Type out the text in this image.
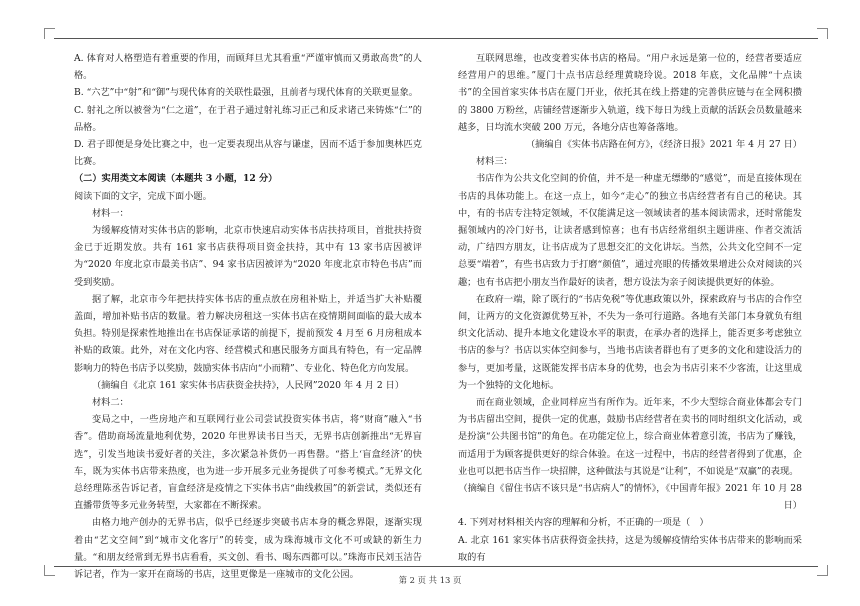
A. 体育对人格塑造有着重要的作用，而顾拜旦尤其看重“严谨审慎而又勇敢高贵”的人格。

B. “六艺”中“射”和“御”与现代体育的关联性最强，且前者与现代体育的关联更显象。

C. 射礼之所以被誉为“仁之道”，在于君子通过射礼练习正己和反求诸己来铸炼“仁”的品格。

D. 君子即便是身处比赛之中，也一定要表现出从容与谦虚，因而不适于参加奥林匹克比赛。

（二）实用类文本阅读（本题共 3 小题，12 分）

阅读下面的文字，完成下面小题。

材料一：

为缓解疫情对实体书店的影响，北京市快速启动实体书店扶持项目，首批扶持资金已于近期发放。共有 161 家书店获得项目资金扶持，其中有 13 家书店因被评为“2020 年度北京市最美书店”、94 家书店因被评为“2020 年度北京市特色书店”而受到奖励。

据了解，北京市今年把扶持实体书店的重点放在房租补贴上，并适当扩大补贴覆盖面，增加补贴书店的数量。着力解决房租这一实体书店在疫情期间面临的最大成本负担。特别是探索性地推出在书店保证承诺的前提下，提前预发 4 月至 6 月房租成本补贴的政策。此外，对在文化内容、经营模式和惠民服务方面具有特色，有一定品牌影响力的特色书店予以奖励，鼓励实体书店向“小而精”、专业化、特色化方向发展。

（摘编自《北京 161 家实体书店获资金扶持》，人民网”2020 年 4 月 2 日）

材料二：

变局之中，一些房地产和互联网行业公司尝试投资实体书店，将“财商”融入“书香”。借助商场流量地利优势，2020 年世界读书日当天，无界书店创新推出“无界盲选”，引发当地读书爱好者的关注，多次紧急补货仍一再售罄。“搭上‘盲盒经济’的快车，既为实体书店带来热度，也为进一步开展多元业务提供了可参考模式。”无界文化总经理陈丞告诉记者，盲盒经济是疫情之下实体书店“曲线救国”的新尝试，类似还有直播带货等多元业务转型，大家都在不断探索。

由格力地产创办的无界书店，似乎已经逐步突破书店本身的概念界限，逐渐实现着由“艺文空间”到“城市文化客厅”的转变，成为珠海城市文化不可或缺的新生力量。“和朋友经常到无界书店看看，买文创、看书、喝东西都可以。”珠海市民刘玉洁告诉记者，作为一家开在商场的书店，这里更像是一座城市的文化公园。

互联网思维，也改变着实体书店的格局。“用户永远是第一位的，经营者要适应经营用户的思维。”厦门十点书店总经理黄晓玲说。2018 年底，文化品牌“十点读书”的全国首家实体书店在厦门开业，依托其在线上搭建的完善供应链与在全网积攒的 3800 万粉丝，店铺经营逐渐步入轨道，线下每日为线上贡献的活跃会员数量越来越多，日均流水突破 200 万元，各地分店也筹备落地。

（摘编自《实体书店路在何方》，《经济日报》2021 年 4 月 27 日）

材料三：

书店作为公共文化空间的价值，并不是一种虚无缥缈的“感觉”，而是直接体现在书店的具体功能上。在这一点上，如今“走心”的独立书店经营者有自己的秘诀。其中，有的书店专注特定领域，不仅能满足这一领域读者的基本阅读需求，还时常能发掘领域内的冷门好书，让读者感到惊喜；也有书店经常组织主题讲座、作者交流活动，广结四方朋友，让书店成为了思想交汇的文化讲坛。当然，公共文化空间不一定总要“端着”，有些书店致力于打磨“颜值”，通过亮眼的传播效果增进公众对阅读的兴趣；也有书店把小朋友当作最好的读者，想方设法为亲子阅读提供更好的体验。

在政府一端，除了既行的“书店免税”等优惠政策以外，探索政府与书店的合作空间，让两方的文化资源优势互补，不失为一条可行道路。各地有关部门本身就负有组织文化活动、提升本地文化建设水平的职责，在承办者的选择上，能否更多考虑独立书店的参与？书店以实体空间参与，当地书店读者群也有了更多的文化和建设活力的参与，更加考量，这既能发挥书店本身的优势，也会为书店引来不少客流，让这里成为一个独特的文化地标。

而在商业领域，企业同样应当有所作为。近年来，不少大型综合商业体都会专门为书店留出空间，提供一定的优惠，鼓励书店经营者在卖书的同时组织文化活动，或是扮演“公共图书馆”的角色。在功能定位上，综合商业体着意引流，书店为了赚钱，而适用于为顾客提供更好的综合体验。在这一过程中，书店的经营者得到了优惠，企业也可以把书店当作一块招牌，这种做法与其说是“让利”，不如说是“双赢”的表现。

（摘编自《留住书店不该只是“书店病人”的情怀》，《中国青年报》2021 年 10 月 28 日）

4. 下列对材料相关内容的理解和分析，不正确的一项是（　）

A. 北京 161 家实体书店获得资金扶持，这是为缓解疫情给实体书店带来的影响而采取的有

第 2 页 共 13 页
